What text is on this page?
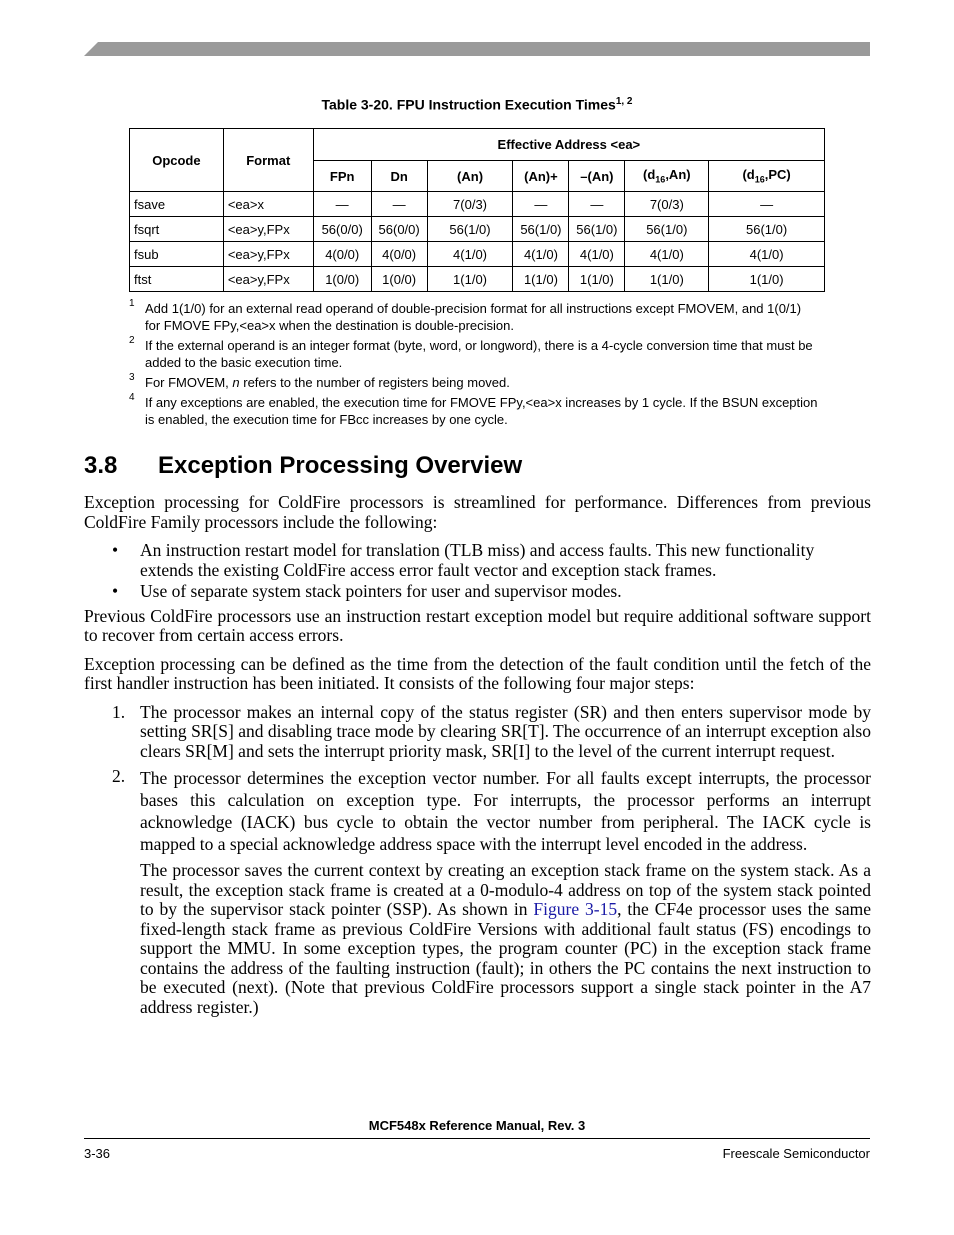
Table 3-20. FPU Instruction Execution Times$^{1, 2}$
Opcode	Format	Effective Address <ea>						
		FPn	Dn	(An)	(An)+	–(An)	$(d_{16},An)$	$(d_{16},PC)$
fsave	<ea>x	—	—	7(0/3)	—	—	7(0/3)	—
fsqrt	<ea>y,FPx	56(0/0)	56(0/0)	56(1/0)	56(1/0)	56(1/0)	56(1/0)	56(1/0)
fsub	<ea>y,FPx	4(0/0)	4(0/0)	4(1/0)	4(1/0)	4(1/0)	4(1/0)	4(1/0)
ftst	<ea>y,FPx	1(0/0)	1(0/0)	1(1/0)	1(1/0)	1(1/0)	1(1/0)	1(1/0)
1 Add 1(1/0) for an external read operand of double-precision format for all instructions except FMOVEM, and 1(0/1) for FMOVE FPy,<ea>x when the destination is double-precision.
2 If the external operand is an integer format (byte, word, or longword), there is a 4-cycle conversion time that must be added to the basic execution time.
3 For FMOVEM, n refers to the number of registers being moved.
4 If any exceptions are enabled, the execution time for FMOVE FPy,<ea>x increases by 1 cycle. If the BSUN exception is enabled, the execution time for FBcc increases by one cycle.
3.8 Exception Processing Overview

Exception processing for ColdFire processors is streamlined for performance. Differences from previous ColdFire Family processors include the following:

• An instruction restart model for translation (TLB miss) and access faults. This new functionality extends the existing ColdFire access error fault vector and exception stack frames.
• Use of separate system stack pointers for user and supervisor modes.

Previous ColdFire processors use an instruction restart exception model but require additional software support to recover from certain access errors.

Exception processing can be defined as the time from the detection of the fault condition until the fetch of the first handler instruction has been initiated. It consists of the following four major steps:

1. The processor makes an internal copy of the status register (SR) and then enters supervisor mode by setting SR[S] and disabling trace mode by clearing SR[T]. The occurrence of an interrupt exception also clears SR[M] and sets the interrupt priority mask, SR[I] to the level of the current interrupt request.

2. The processor determines the exception vector number. For all faults except interrupts, the processor bases this calculation on exception type. For interrupts, the processor performs an interrupt acknowledge (IACK) bus cycle to obtain the vector number from peripheral. The IACK cycle is mapped to a special acknowledge address space with the interrupt level encoded in the address.

The processor saves the current context by creating an exception stack frame on the system stack. As a result, the exception stack frame is created at a 0-modulo-4 address on top of the system stack pointed to by the supervisor stack pointer (SSP). As shown in Figure 3-15, the CF4e processor uses the same fixed-length stack frame as previous ColdFire Versions with additional fault status (FS) encodings to support the MMU. In some exception types, the program counter (PC) in the exception stack frame contains the address of the faulting instruction (fault); in others the PC contains the next instruction to be executed (next). (Note that previous ColdFire processors support a single stack pointer in the A7 address register.)

MCF548x Reference Manual, Rev. 3
3-36	Freescale Semiconductor
